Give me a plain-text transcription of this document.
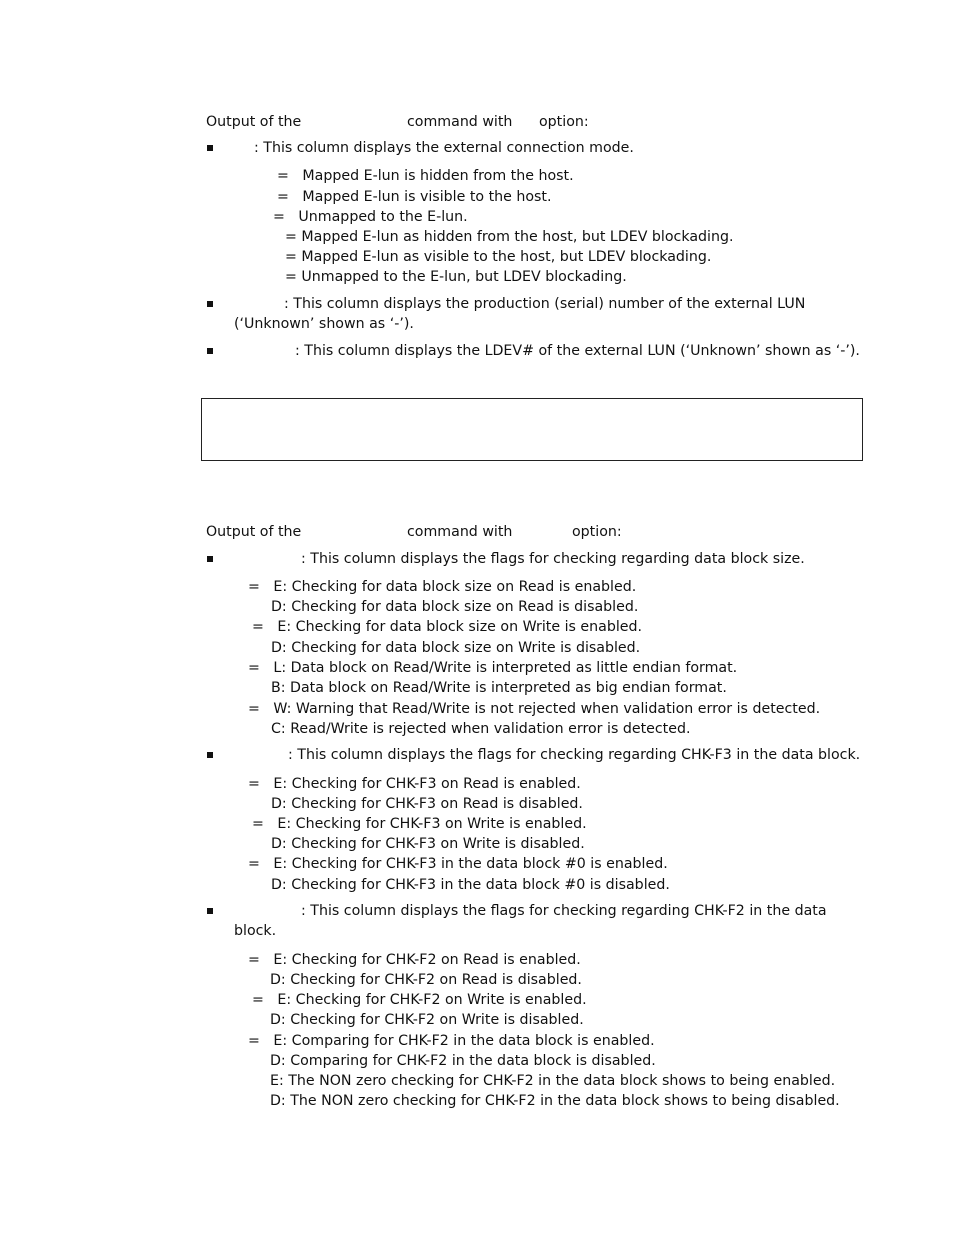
Output of the	command with option:
: This column displays the external connection mode.
=   Mapped E-lun is hidden from the host.
=   Mapped E-lun is visible to the host.
=   Unmapped to the E-lun.
= Mapped E-lun as hidden from the host, but LDEV blockading.
= Mapped E-lun as visible to the host, but LDEV blockading.
= Unmapped to the E-lun, but LDEV blockading.
: This column displays the production (serial) number of the external LUN
(‘Unknown’ shown as ‘-’).
: This column displays the LDEV# of the external LUN (‘Unknown’ shown as ‘-’).
Output of the	command with	option:
: This column displays the flags for checking regarding data block size.
=   E: Checking for data block size on Read is enabled.
D: Checking for data block size on Read is disabled.
=   E: Checking for data block size on Write is enabled.
D: Checking for data block size on Write is disabled.
=   L: Data block on Read/Write is interpreted as little endian format.
B: Data block on Read/Write is interpreted as big endian format.
=   W: Warning that Read/Write is not rejected when validation error is detected.
C: Read/Write is rejected when validation error is detected.
: This column displays the flags for checking regarding CHK-F3 in the data block.
=   E: Checking for CHK-F3 on Read is enabled.
D: Checking for CHK-F3 on Read is disabled.
=   E: Checking for CHK-F3 on Write is enabled.
D: Checking for CHK-F3 on Write is disabled.
=   E: Checking for CHK-F3 in the data block #0 is enabled.
D: Checking for CHK-F3 in the data block #0 is disabled.
: This column displays the flags for checking regarding CHK-F2 in the data
block.
=   E: Checking for CHK-F2 on Read is enabled.
D: Checking for CHK-F2 on Read is disabled.
=   E: Checking for CHK-F2 on Write is enabled.
D: Checking for CHK-F2 on Write is disabled.
=   E: Comparing for CHK-F2 in the data block is enabled.
D: Comparing for CHK-F2 in the data block is disabled.
E: The NON zero checking for CHK-F2 in the data block shows to being enabled.
D: The NON zero checking for CHK-F2 in the data block shows to being disabled.
